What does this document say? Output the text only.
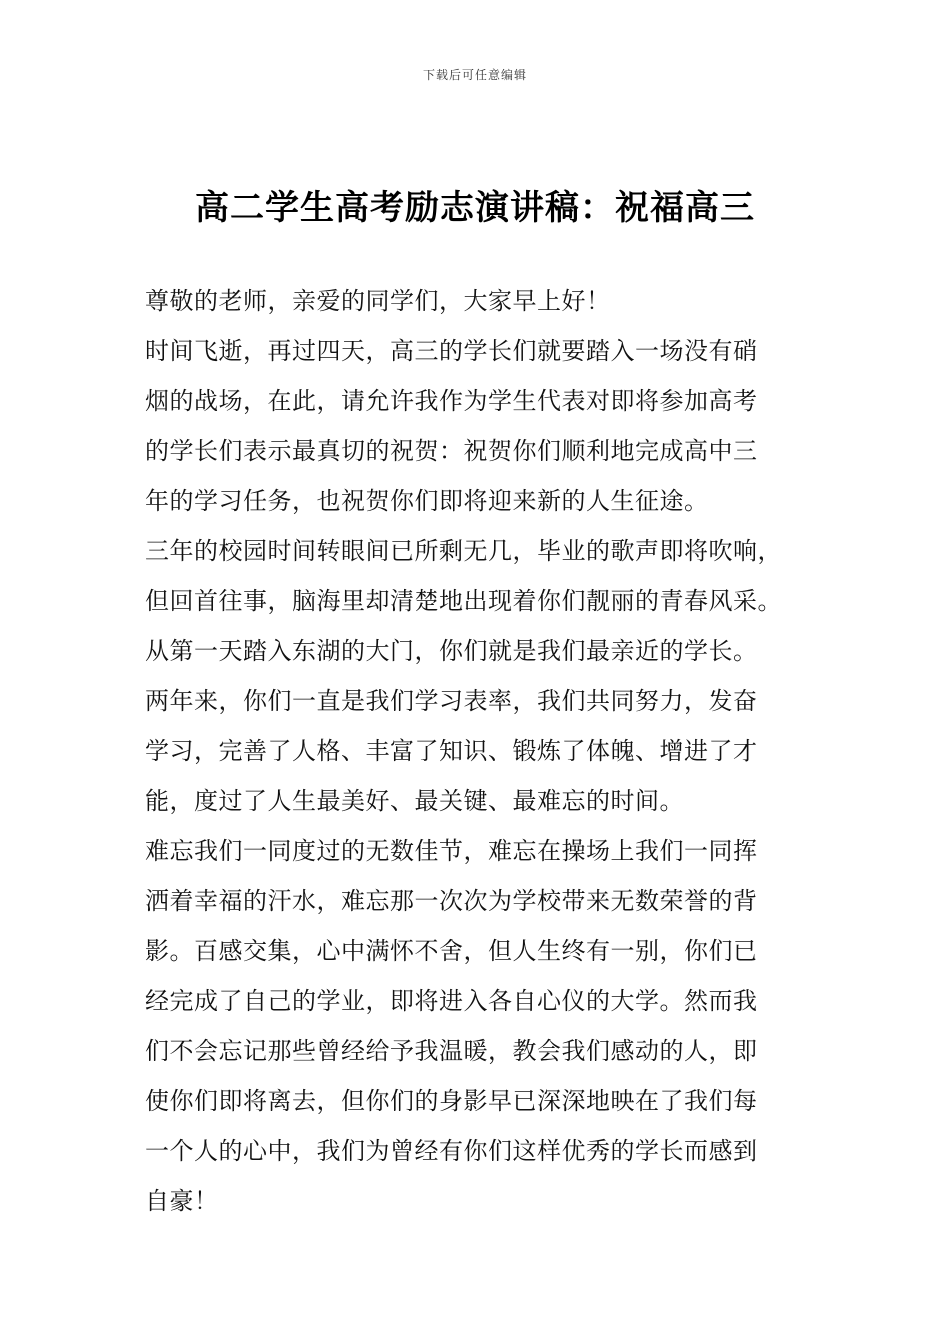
下载后可任意编辑
高二学生高考励志演讲稿：祝福高三
尊敬的老师，亲爱的同学们，大家早上好！
时间飞逝，再过四天，高三的学长们就要踏入一场没有硝
烟的战场，在此，请允许我作为学生代表对即将参加高考
的学长们表示最真切的祝贺：祝贺你们顺利地完成高中三
年的学习任务，也祝贺你们即将迎来新的人生征途。
三年的校园时间转眼间已所剩无几，毕业的歌声即将吹响，
但回首往事，脑海里却清楚地出现着你们靓丽的青春风采。
从第一天踏入东湖的大门，你们就是我们最亲近的学长。
两年来，你们一直是我们学习表率，我们共同努力，发奋
学习，完善了人格、丰富了知识、锻炼了体魄、增进了才
能，度过了人生最美好、最关键、最难忘的时间。
难忘我们一同度过的无数佳节，难忘在操场上我们一同挥
洒着幸福的汗水，难忘那一次次为学校带来无数荣誉的背
影。百感交集，心中满怀不舍，但人生终有一别，你们已
经完成了自己的学业，即将进入各自心仪的大学。然而我
们不会忘记那些曾经给予我温暖，教会我们感动的人，即
使你们即将离去，但你们的身影早已深深地映在了我们每
一个人的心中，我们为曾经有你们这样优秀的学长而感到
自豪！
